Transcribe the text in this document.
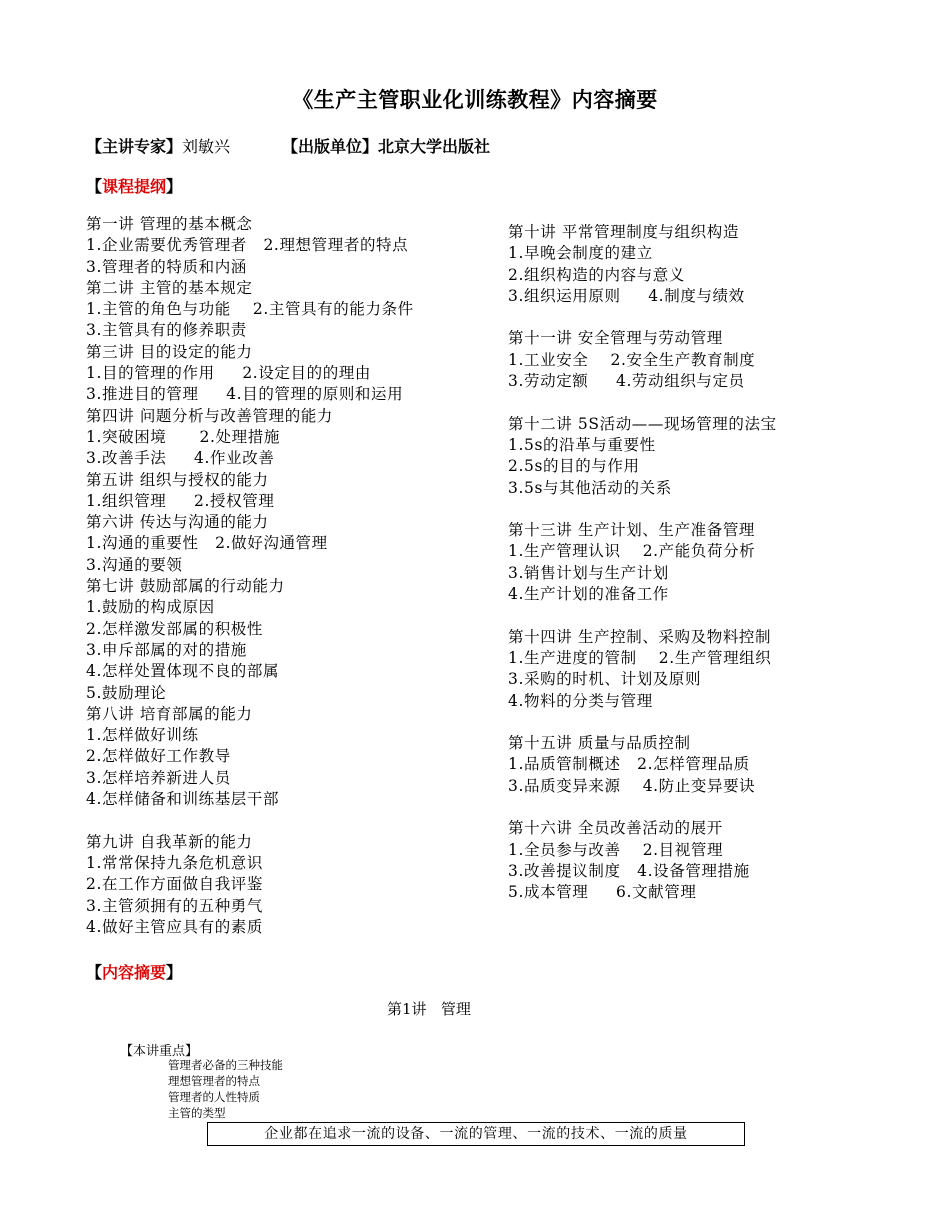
《生产主管职业化训练教程》内容摘要
【主讲专家】刘敏兴	【出版单位】北京大学出版社
【课程提纲】
第一讲 管理的基本概念
1.企业需要优秀管理者   2.理想管理者的特点
3.管理者的特质和内涵
第二讲 主管的基本规定
1.主管的角色与功能    2.主管具有的能力条件
3.主管具有的修养职责
第三讲 目的设定的能力
1.目的管理的作用     2.设定目的的理由
3.推进目的管理     4.目的管理的原则和运用
第四讲 问题分析与改善管理的能力
1.突破困境      2.处理措施
3.改善手法     4.作业改善
第五讲 组织与授权的能力
1.组织管理     2.授权管理
第六讲 传达与沟通的能力
1.沟通的重要性   2.做好沟通管理
3.沟通的要领
第七讲 鼓励部属的行动能力
1.鼓励的构成原因
2.怎样激发部属的积极性
3.申斥部属的对的措施
4.怎样处置体现不良的部属
5.鼓励理论
第八讲 培育部属的能力
1.怎样做好训练
2.怎样做好工作教导
3.怎样培养新进人员
4.怎样储备和训练基层干部
第九讲 自我革新的能力
1.常常保持九条危机意识
2.在工作方面做自我评鉴
3.主管须拥有的五种勇气
4.做好主管应具有的素质
第十讲 平常管理制度与组织构造
1.早晚会制度的建立
2.组织构造的内容与意义
3.组织运用原则     4.制度与绩效
第十一讲 安全管理与劳动管理
1.工业安全    2.安全生产教育制度
3.劳动定额     4.劳动组织与定员
第十二讲 5S活动——现场管理的法宝
1.5s的沿革与重要性
2.5s的目的与作用
3.5s与其他活动的关系
第十三讲 生产计划、生产准备管理
1.生产管理认识    2.产能负荷分析
3.销售计划与生产计划
4.生产计划的准备工作
第十四讲 生产控制、采购及物料控制
1.生产进度的管制    2.生产管理组织
3.采购的时机、计划及原则
4.物料的分类与管理
第十五讲 质量与品质控制
1.品质管制概述   2.怎样管理品质
3.品质变异来源    4.防止变异要诀
第十六讲 全员改善活动的展开
1.全员参与改善    2.目视管理
3.改善提议制度   4.设备管理措施
5.成本管理     6.文献管理
【内容摘要】
第1讲   管理
【本讲重点】
管理者必备的三种技能
理想管理者的特点
管理者的人性特质
主管的类型
企业都在追求一流的设备、一流的管理、一流的技术、一流的质量
